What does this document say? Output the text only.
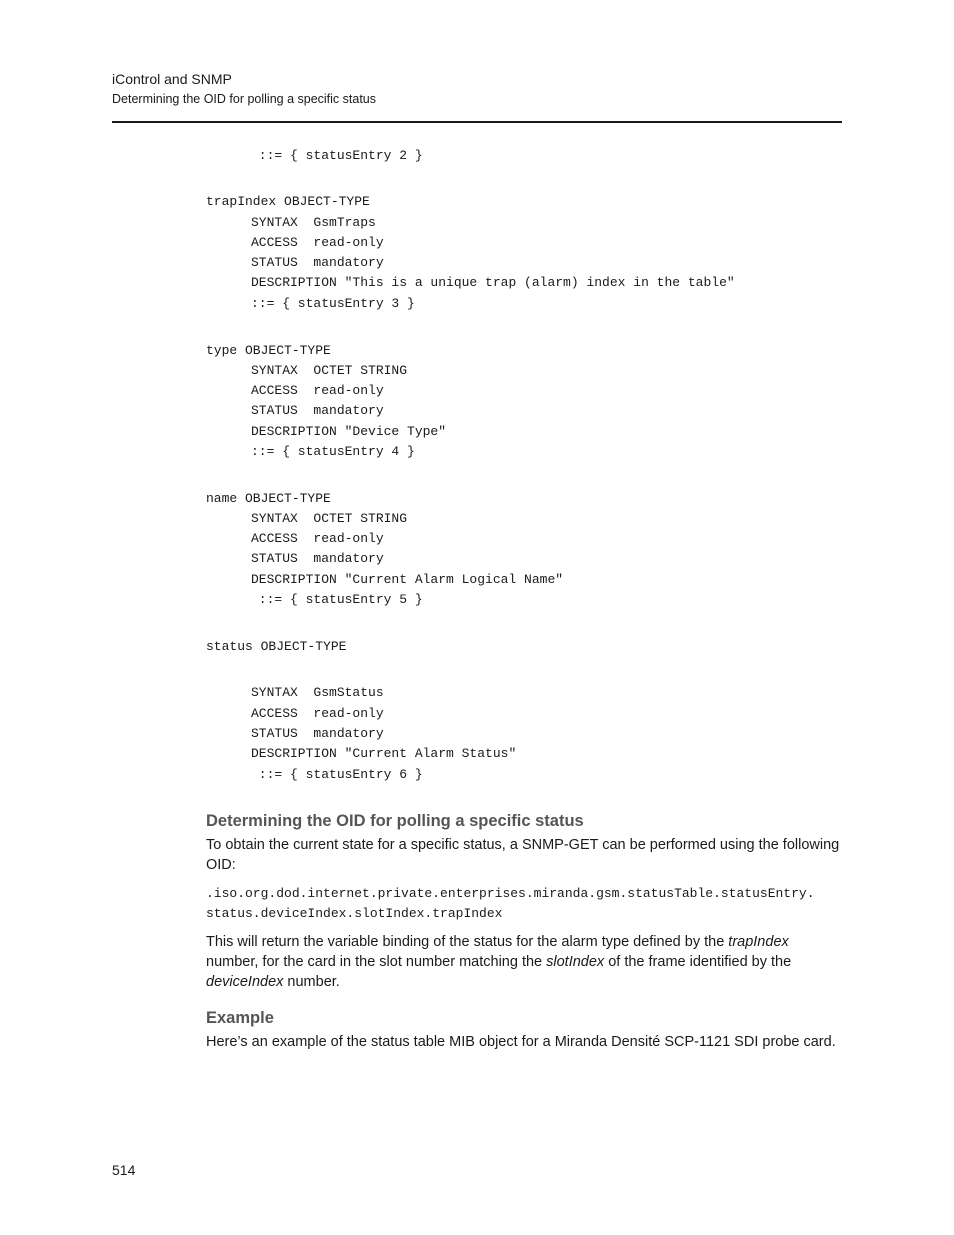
iControl and SNMP
Determining the OID for polling a specific status
::= { statusEntry 2 }
trapIndex OBJECT-TYPE
SYNTAX  GsmTraps
ACCESS  read-only
STATUS  mandatory
DESCRIPTION "This is a unique trap (alarm) index in the table"
::= { statusEntry 3 }
type OBJECT-TYPE
SYNTAX  OCTET STRING
ACCESS  read-only
STATUS  mandatory
DESCRIPTION "Device Type"
::= { statusEntry 4 }
name OBJECT-TYPE
SYNTAX  OCTET STRING
ACCESS  read-only
STATUS  mandatory
DESCRIPTION "Current Alarm Logical Name"
::= { statusEntry 5 }
status OBJECT-TYPE
SYNTAX  GsmStatus
ACCESS  read-only
STATUS  mandatory
DESCRIPTION "Current Alarm Status"
::= { statusEntry 6 }
Determining the OID for polling a specific status
To obtain the current state for a specific status, a SNMP-GET can be performed using the following OID:
.iso.org.dod.internet.private.enterprises.miranda.gsm.statusTable.statusEntry.
status.deviceIndex.slotIndex.trapIndex
This will return the variable binding of the status for the alarm type defined by the trapIndex number, for the card in the slot number matching the slotIndex of the frame identified by the deviceIndex number.
Example
Here’s an example of the status table MIB object for a Miranda Densité SCP-1121 SDI probe card.
514
